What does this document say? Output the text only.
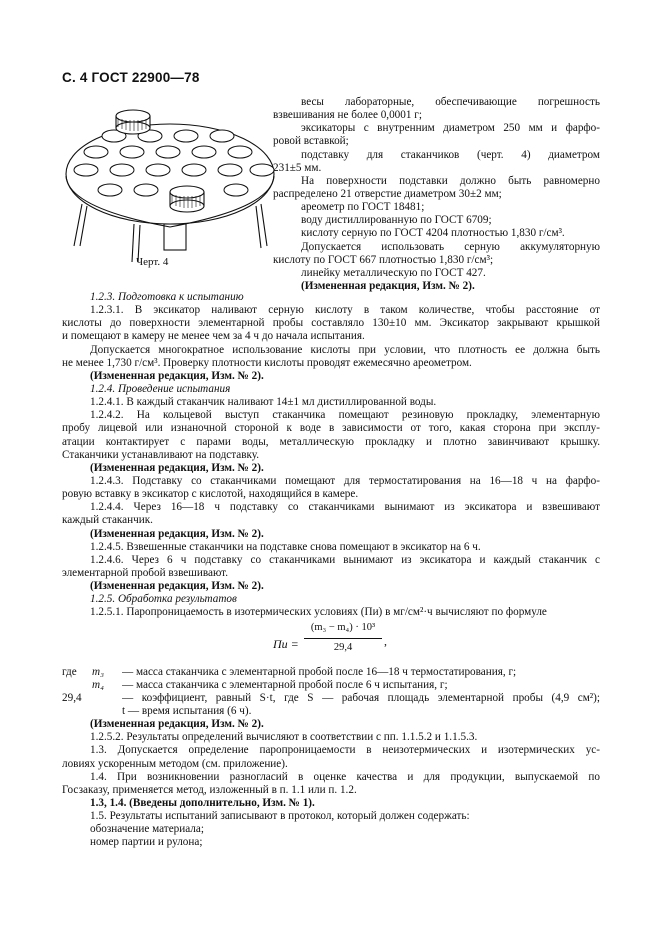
С. 4 ГОСТ 22900—78
Черт. 4
весы лабораторные, обеспечивающие погрешность
взвешивания не более 0,0001 г;
эксикаторы с внутренним диаметром 250 мм и фарфо-
ровой вставкой;
подставку для стаканчиков (черт. 4) диаметром
231±5 мм.
На поверхности подставки должно быть равномерно
распределено 21 отверстие диаметром 30±2 мм;
ареометр по ГОСТ 18481;
воду дистиллированную по ГОСТ 6709;
кислоту серную по ГОСТ 4204 плотностью 1,830 г/см³.
Допускается использовать серную аккумуляторную
кислоту по ГОСТ 667 плотностью 1,830 г/см³;
линейку металлическую по ГОСТ 427.
(Измененная редакция, Изм. № 2).
1.2.3. Подготовка к испытанию
1.2.3.1. В эксикатор наливают серную кислоту в таком количестве, чтобы расстояние от
кислоты до поверхности элементарной пробы составляло 130±10 мм. Эксикатор закрывают крышкой
и помещают в камеру не менее чем за 4 ч до начала испытания.
Допускается многократное использование кислоты при условии, что плотность ее должна быть
не менее 1,730 г/см³. Проверку плотности кислоты проводят ежемесячно ареометром.
(Измененная редакция, Изм. № 2).
1.2.4. Проведение испытания
1.2.4.1. В каждый стаканчик наливают 14±1 мл дистиллированной воды.
1.2.4.2. На кольцевой выступ стаканчика помещают резиновую прокладку, элементарную
пробу лицевой или изнаночной стороной к воде в зависимости от того, какая сторона при эксплу-
атации контактирует с парами воды, металлическую прокладку и плотно завинчивают крышку.
Стаканчики устанавливают на подставку.
(Измененная редакция, Изм. № 2).
1.2.4.3. Подставку со стаканчиками помещают для термостатирования на 16—18 ч на фарфо-
ровую вставку в эксикатор с кислотой, находящийся в камере.
1.2.4.4. Через 16—18 ч подставку со стаканчиками вынимают из эксикатора и взвешивают
каждый стаканчик.
(Измененная редакция, Изм. № 2).
1.2.4.5. Взвешенные стаканчики на подставке снова помещают в эксикатор на 6 ч.
1.2.4.6. Через 6 ч подставку со стаканчиками вынимают из эксикатора и каждый стаканчик с
элементарной пробой взвешивают.
(Измененная редакция, Изм. № 2).
1.2.5. Обработка результатов
1.2.5.1. Паропроницаемость в изотермических условиях (Пи) в мг/см²·ч вычисляют по формуле
Пи =
(m₃ − m₄) · 10³
29,4	,
где	m₃	— масса стаканчика с элементарной пробой после 16—18 ч термостатирования, г;
m₄	— масса стаканчика с элементарной пробой после 6 ч испытания, г;
29,4	— коэффициент, равный S·t, где S — рабочая площадь элементарной пробы (4,9 см²);
t — время испытания (6 ч).
(Измененная редакция, Изм. № 2).
1.2.5.2. Результаты определений вычисляют в соответствии с пп. 1.1.5.2 и 1.1.5.3.
1.3. Допускается определение паропроницаемости в неизотермических и изотермических ус-
ловиях ускоренным методом (см. приложение).
1.4. При возникновении разногласий в оценке качества и для продукции, выпускаемой по
Госзаказу, применяется метод, изложенный в п. 1.1 или п. 1.2.
1.3, 1.4. (Введены дополнительно, Изм. № 1).
1.5. Результаты испытаний записывают в протокол, который должен содержать:
обозначение материала;
номер партии и рулона;
